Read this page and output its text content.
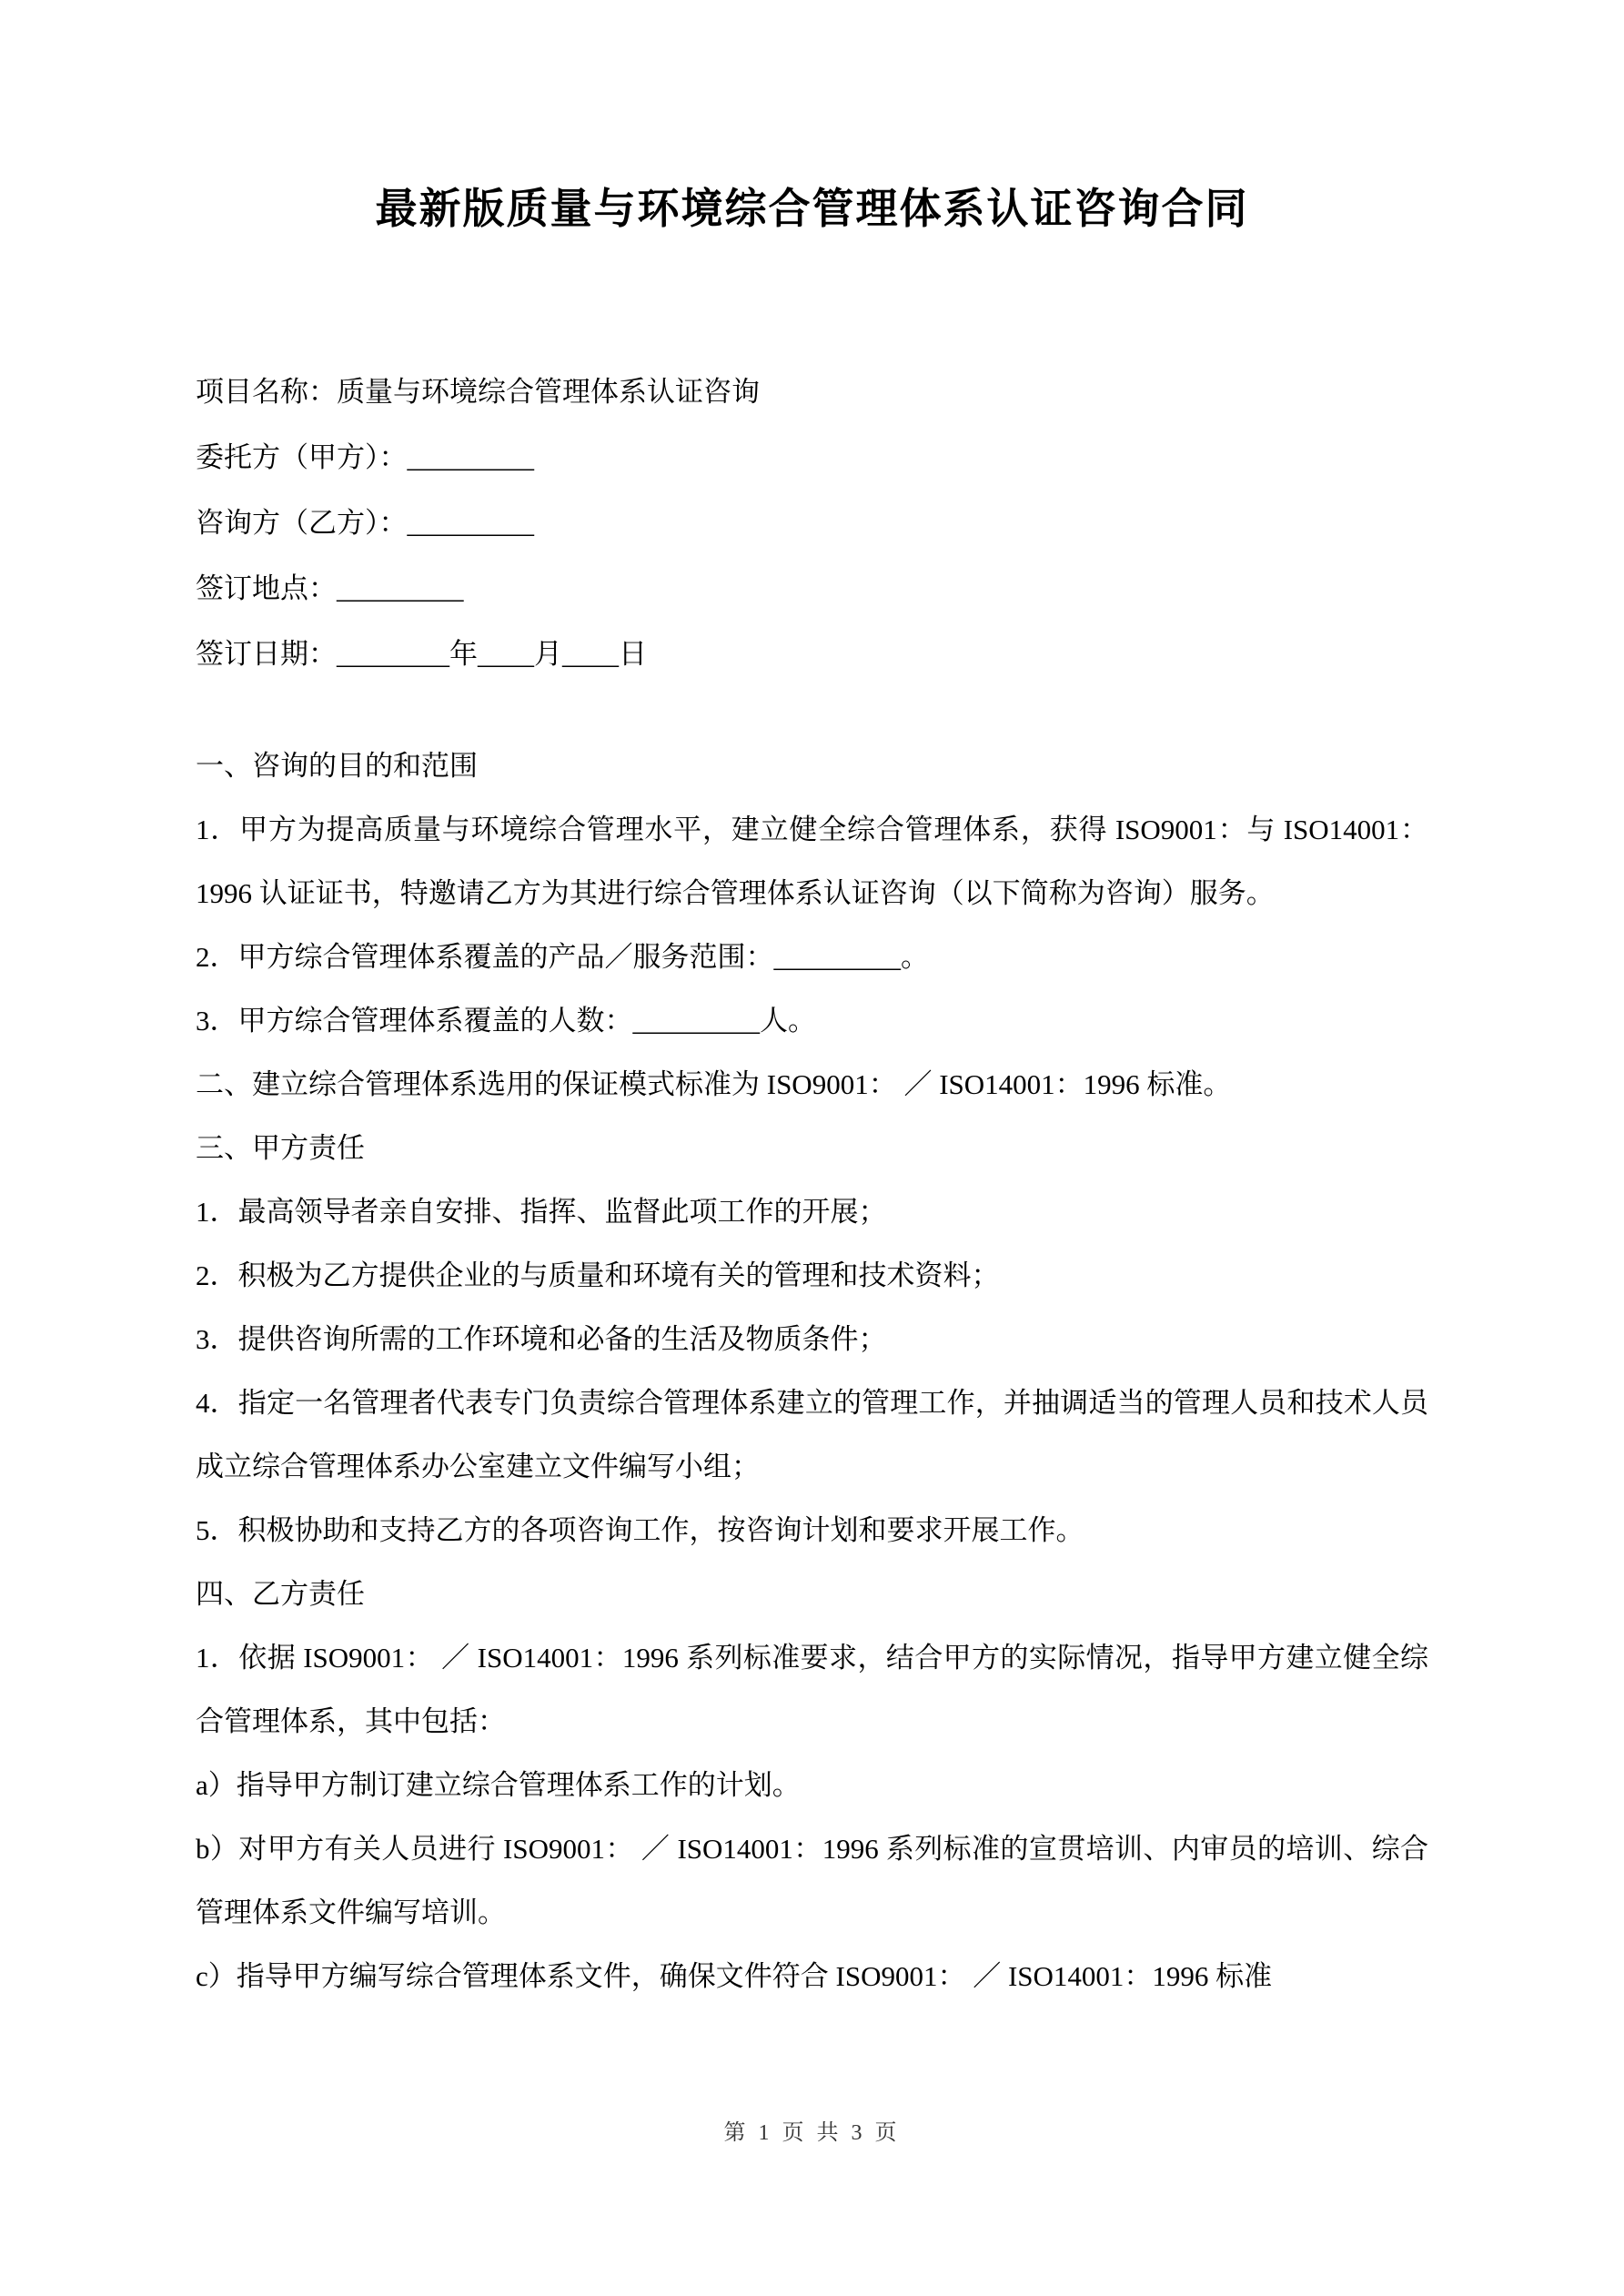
最新版质量与环境综合管理体系认证咨询合同

项目名称：质量与环境综合管理体系认证咨询

委托方（甲方）：_________

咨询方（乙方）：_________

签订地点：_________

签订日期：________年____月____日

一、咨询的目的和范围

1．甲方为提高质量与环境综合管理水平，建立健全综合管理体系，获得 ISO9001：与 ISO14001：1996 认证证书，特邀请乙方为其进行综合管理体系认证咨询（以下简称为咨询）服务。

2．甲方综合管理体系覆盖的产品／服务范围：_________。

3．甲方综合管理体系覆盖的人数：_________人。

二、建立综合管理体系选用的保证模式标准为 ISO9001： ／ ISO14001：1996 标准。

三、甲方责任

1．最高领导者亲自安排、指挥、监督此项工作的开展；

2．积极为乙方提供企业的与质量和环境有关的管理和技术资料；

3．提供咨询所需的工作环境和必备的生活及物质条件；

4．指定一名管理者代表专门负责综合管理体系建立的管理工作，并抽调适当的管理人员和技术人员成立综合管理体系办公室建立文件编写小组；

5．积极协助和支持乙方的各项咨询工作，按咨询计划和要求开展工作。

四、乙方责任

1．依据 ISO9001： ／ ISO14001：1996 系列标准要求，结合甲方的实际情况，指导甲方建立健全综合管理体系，其中包括：

a）指导甲方制订建立综合管理体系工作的计划。

b）对甲方有关人员进行 ISO9001： ／ ISO14001：1996 系列标准的宣贯培训、内审员的培训、综合管理体系文件编写培训。

c）指导甲方编写综合管理体系文件，确保文件符合 ISO9001： ／ ISO14001：1996 标准

第 1 页 共 3 页
